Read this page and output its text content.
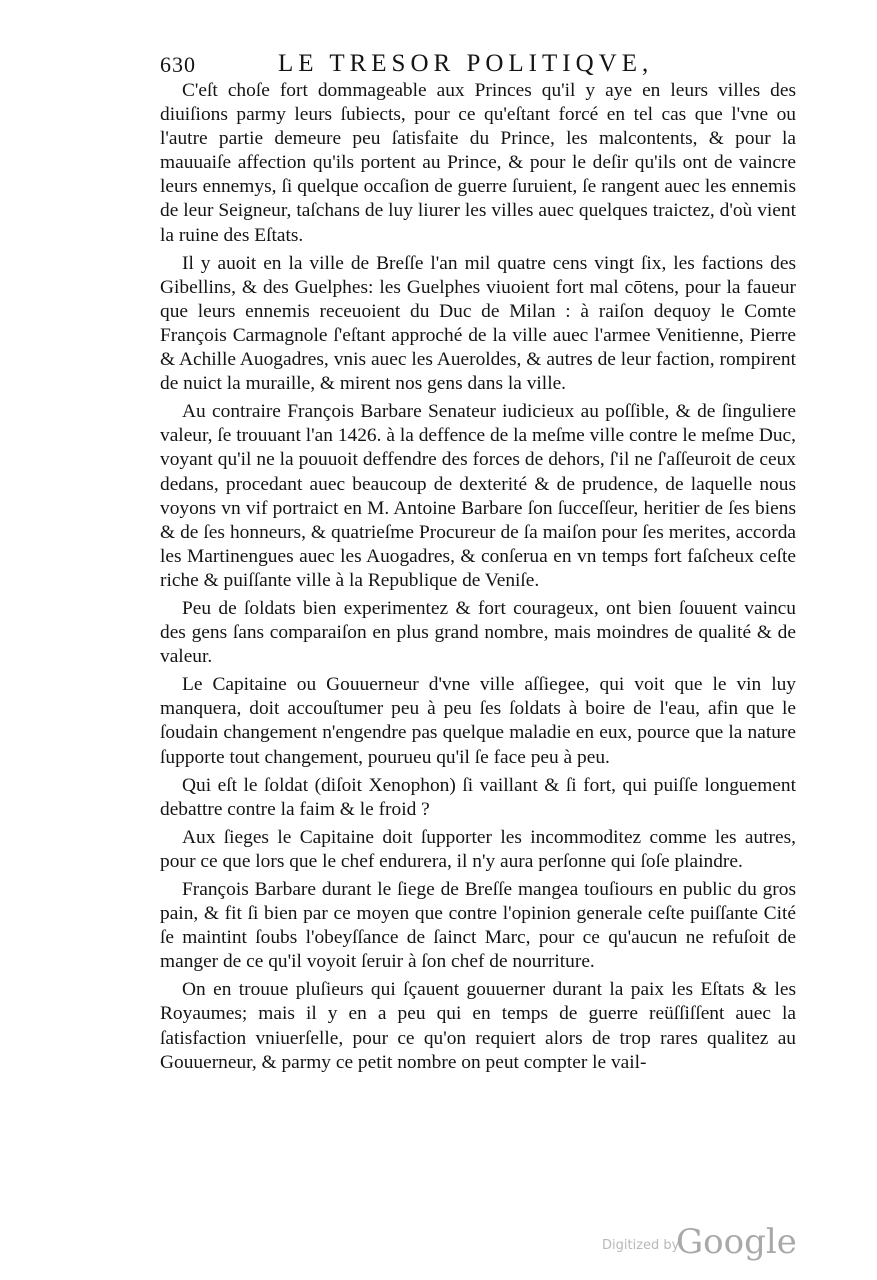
630	LE TRESOR POLITIQVE,

C'eſt choſe fort dommageable aux Princes qu'il y aye en leurs villes des diuiſions parmy leurs ſubiects, pour ce qu'eſtant forcé en tel cas que l'vne ou l'autre partie demeure peu ſatisfaite du Prince, les malcontents, & pour la mauuaiſe affection qu'ils portent au Prince, & pour le deſir qu'ils ont de vaincre leurs ennemys, ſi quelque occaſion de guerre ſuruient, ſe rangent auec les ennemis de leur Seigneur, taſchans de luy liurer les villes auec quelques traictez, d'où vient la ruine des Eſtats.

Il y auoit en la ville de Breſſe l'an mil quatre cens vingt ſix, les factions des Gibellins, & des Guelphes: les Guelphes viuoient fort mal cōtens, pour la faueur que leurs ennemis receuoient du Duc de Milan : à raiſon dequoy le Comte François Carmagnole ſ'eſtant approché de la ville auec l'armee Venitienne, Pierre & Achille Auogadres, vnis auec les Aueroldes, & autres de leur faction, rompirent de nuict la muraille, & mirent nos gens dans la ville.

Au contraire François Barbare Senateur iudicieux au poſſible, & de ſinguliere valeur, ſe trouuant l'an 1426. à la deffence de la meſme ville contre le meſme Duc, voyant qu'il ne la pouuoit deffendre des forces de dehors, ſ'il ne ſ'aſſeuroit de ceux dedans, procedant auec beaucoup de dexterité & de prudence, de laquelle nous voyons vn vif portraict en M. Antoine Barbare ſon ſucceſſeur, heritier de ſes biens & de ſes honneurs, & quatrieſme Procureur de ſa maiſon pour ſes merites, accorda les Martinengues auec les Auogadres, & conſerua en vn temps fort faſcheux ceſte riche & puiſſante ville à la Republique de Veniſe.

Peu de ſoldats bien experimentez & fort courageux, ont bien ſouuent vaincu des gens ſans comparaiſon en plus grand nombre, mais moindres de qualité & de valeur.

Le Capitaine ou Gouuerneur d'vne ville aſſiegee, qui voit que le vin luy manquera, doit accouſtumer peu à peu ſes ſoldats à boire de l'eau, afin que le ſoudain changement n'engendre pas quelque maladie en eux, pource que la nature ſupporte tout changement, pourueu qu'il ſe face peu à peu.

Qui eſt le ſoldat (diſoit Xenophon) ſi vaillant & ſi fort, qui puiſſe longuement debattre contre la faim & le froid ?

Aux ſieges le Capitaine doit ſupporter les incommoditez comme les autres, pour ce que lors que le chef endurera, il n'y aura perſonne qui ſoſe plaindre.

François Barbare durant le ſiege de Breſſe mangea touſiours en public du gros pain, & fit ſi bien par ce moyen que contre l'opinion generale ceſte puiſſante Cité ſe maintint ſoubs l'obeyſſance de ſainct Marc, pour ce qu'aucun ne refuſoit de manger de ce qu'il voyoit ſeruir à ſon chef de nourriture.

On en trouue pluſieurs qui ſçauent gouuerner durant la paix les Eſtats & les Royaumes; mais il y en a peu qui en temps de guerre reüſſiſſent auec la ſatisfaction vniuerſelle, pour ce qu'on requiert alors de trop rares qualitez au Gouuerneur, & parmy ce petit nombre on peut compter le vail-

Digitized by
Google
